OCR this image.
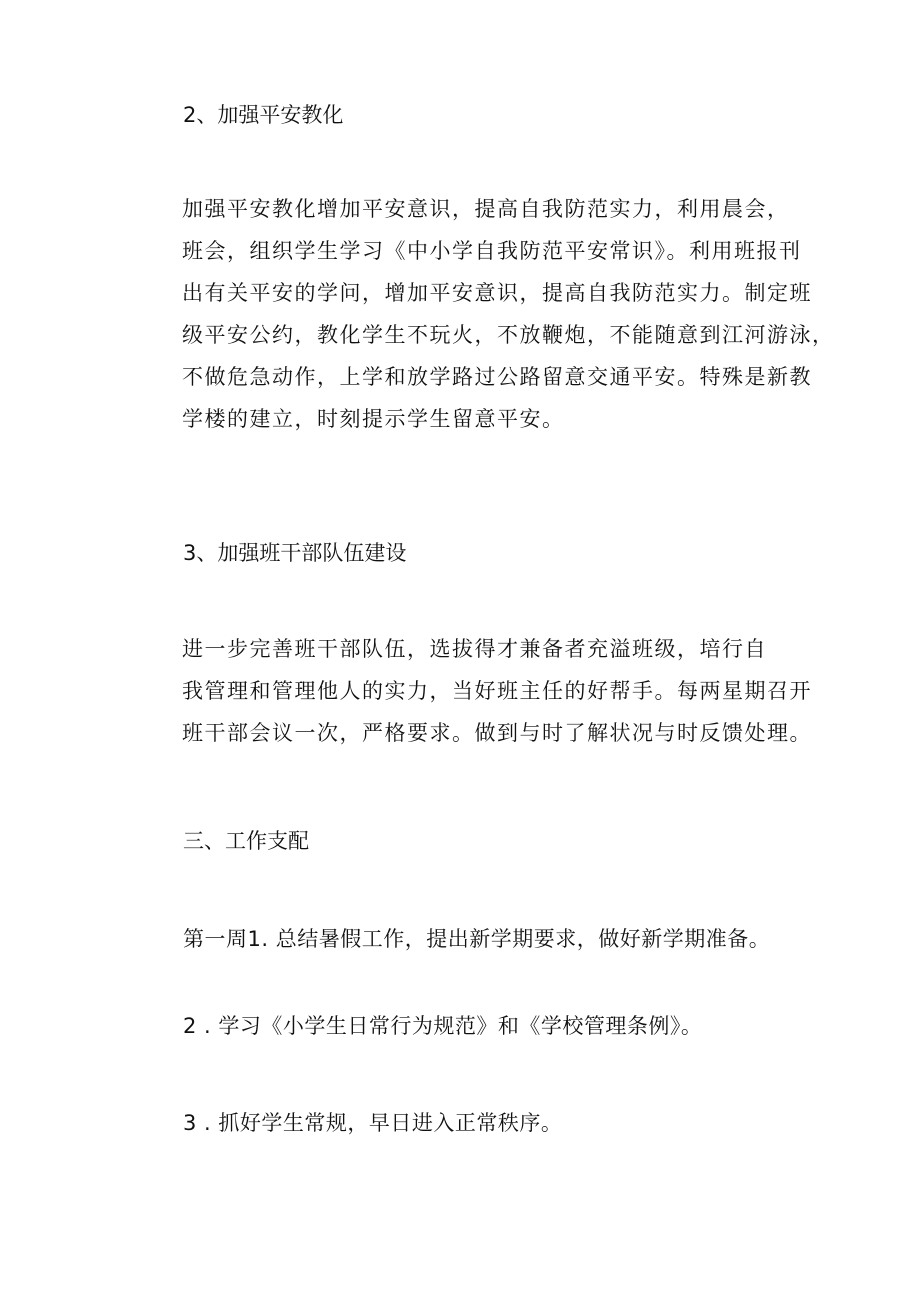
2、加强平安教化
加强平安教化增加平安意识，提高自我防范实力，利用晨会，
班会，组织学生学习《中小学自我防范平安常识》。利用班报刊
出有关平安的学问，增加平安意识，提高自我防范实力。制定班
级平安公约，教化学生不玩火，不放鞭炮，不能随意到江河游泳，
不做危急动作，上学和放学路过公路留意交通平安。特殊是新教
学楼的建立，时刻提示学生留意平安。
3、加强班干部队伍建设
进一步完善班干部队伍，选拔得才兼备者充溢班级，培行自
我管理和管理他人的实力，当好班主任的好帮手。每两星期召开
班干部会议一次，严格要求。做到与时了解状况与时反馈处理。
三、工作支配
第一周1. 总结暑假工作，提出新学期要求，做好新学期准备。
2 . 学习《小学生日常行为规范》和《学校管理条例》。
3 . 抓好学生常规，早日进入正常秩序。
